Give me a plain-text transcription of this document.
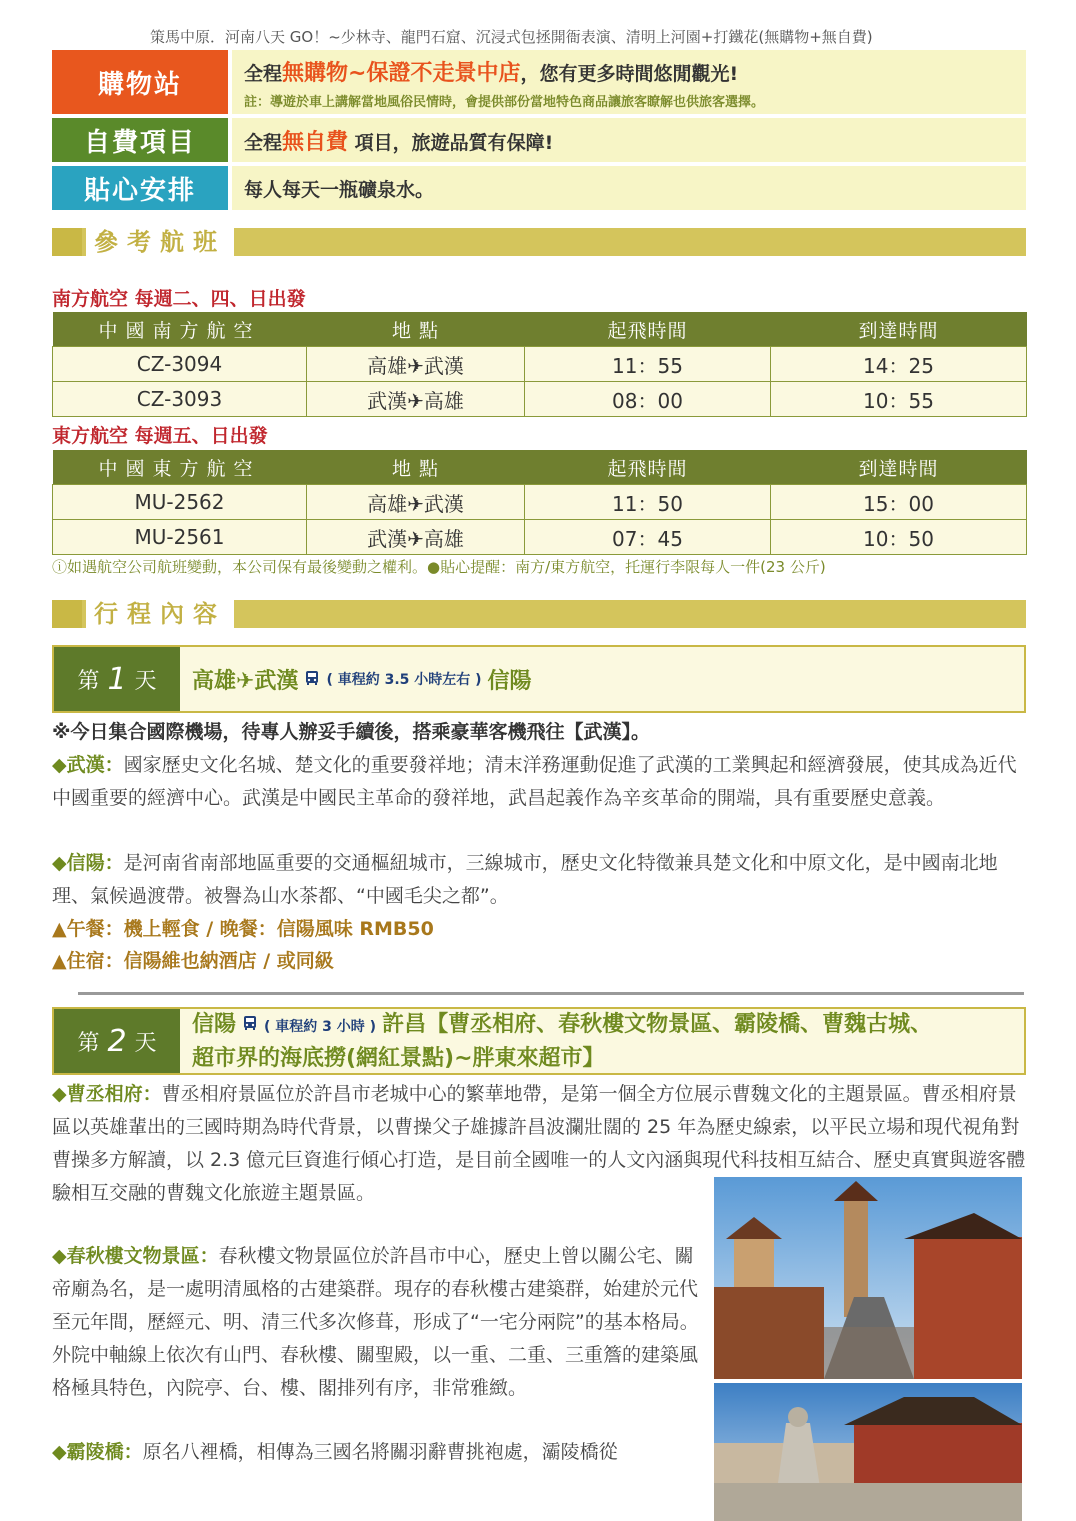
策馬中原．河南八天 GO！~少林寺、龍門石窟、沉浸式包拯開衙表演、清明上河園+打鐵花(無購物+無自費)
購物站	全程無購物~保證不走景中店，您有更多時間悠閒觀光!
註：導遊於車上講解當地風俗民情時，會提供部份當地特色商品讓旅客瞭解也供旅客選擇。
自費項目	全程無自費 項目，旅遊品質有保障!
貼心安排	每人每天一瓶礦泉水。
參考航班
南方航空 每週二、四、日出發
中國南方航空	地 點	起飛時間	到達時間
CZ-3094	高雄✈武漢	11：55	14：25
CZ-3093	武漢✈高雄	08：00	10：55
東方航空 每週五、日出發
中國東方航空	地 點	起飛時間	到達時間
MU-2562	高雄✈武漢	11：50	15：00
MU-2561	武漢✈高雄	07：45	10：50
ⓘ如遇航空公司航班變動，本公司保有最後變動之權利。●貼心提醒：南方/東方航空，托運行李限每人一件(23 公斤)
行程內容
第 1 天 高雄✈武漢 ( 車程約 3.5 小時左右 ) 信陽
※今日集合國際機場，待專人辦妥手續後，搭乘豪華客機飛往【武漢】。
◆武漢：國家歷史文化名城、楚文化的重要發祥地；清末洋務運動促進了武漢的工業興起和經濟發展，使其成為近代中國重要的經濟中心。武漢是中國民主革命的發祥地，武昌起義作為辛亥革命的開端，具有重要歷史意義。
◆信陽：是河南省南部地區重要的交通樞紐城市，三線城市，歷史文化特徵兼具楚文化和中原文化，是中國南北地理、氣候過渡帶。被譽為山水茶都、“中國毛尖之都”。
▲午餐：機上輕食 / 晚餐：信陽風味 RMB50
▲住宿：信陽維也納酒店 / 或同級
第 2 天
信陽 ( 車程約 3 小時 ) 許昌【曹丞相府、春秋樓文物景區、霸陵橋、曹魏古城、
超市界的海底撈(網紅景點)~胖東來超市】
◆曹丞相府：曹丞相府景區位於許昌市老城中心的繁華地帶，是第一個全方位展示曹魏文化的主題景區。曹丞相府景區以英雄輩出的三國時期為時代背景，以曹操父子雄據許昌波瀾壯闊的 25 年為歷史線索，以平民立場和現代視角對曹操多方解讀，以 2.3 億元巨資進行傾心打造，是目前全國唯一的人文內涵與現代科技相互結合、歷史真實與遊客體驗相互交融的曹魏文化旅遊主題景區。
◆春秋樓文物景區：春秋樓文物景區位於許昌市中心，歷史上曾以關公宅、關帝廟為名，是一處明清風格的古建築群。現存的春秋樓古建築群，始建於元代至元年間，歷經元、明、清三代多次修葺，形成了“一宅分兩院”的基本格局。外院中軸線上依次有山門、春秋樓、關聖殿，以一重、二重、三重簷的建築風格極具特色，內院亭、台、樓、閣排列有序，非常雅緻。
◆霸陵橋：原名八裡橋，相傳為三國名將關羽辭曹挑袍處，灞陵橋從
